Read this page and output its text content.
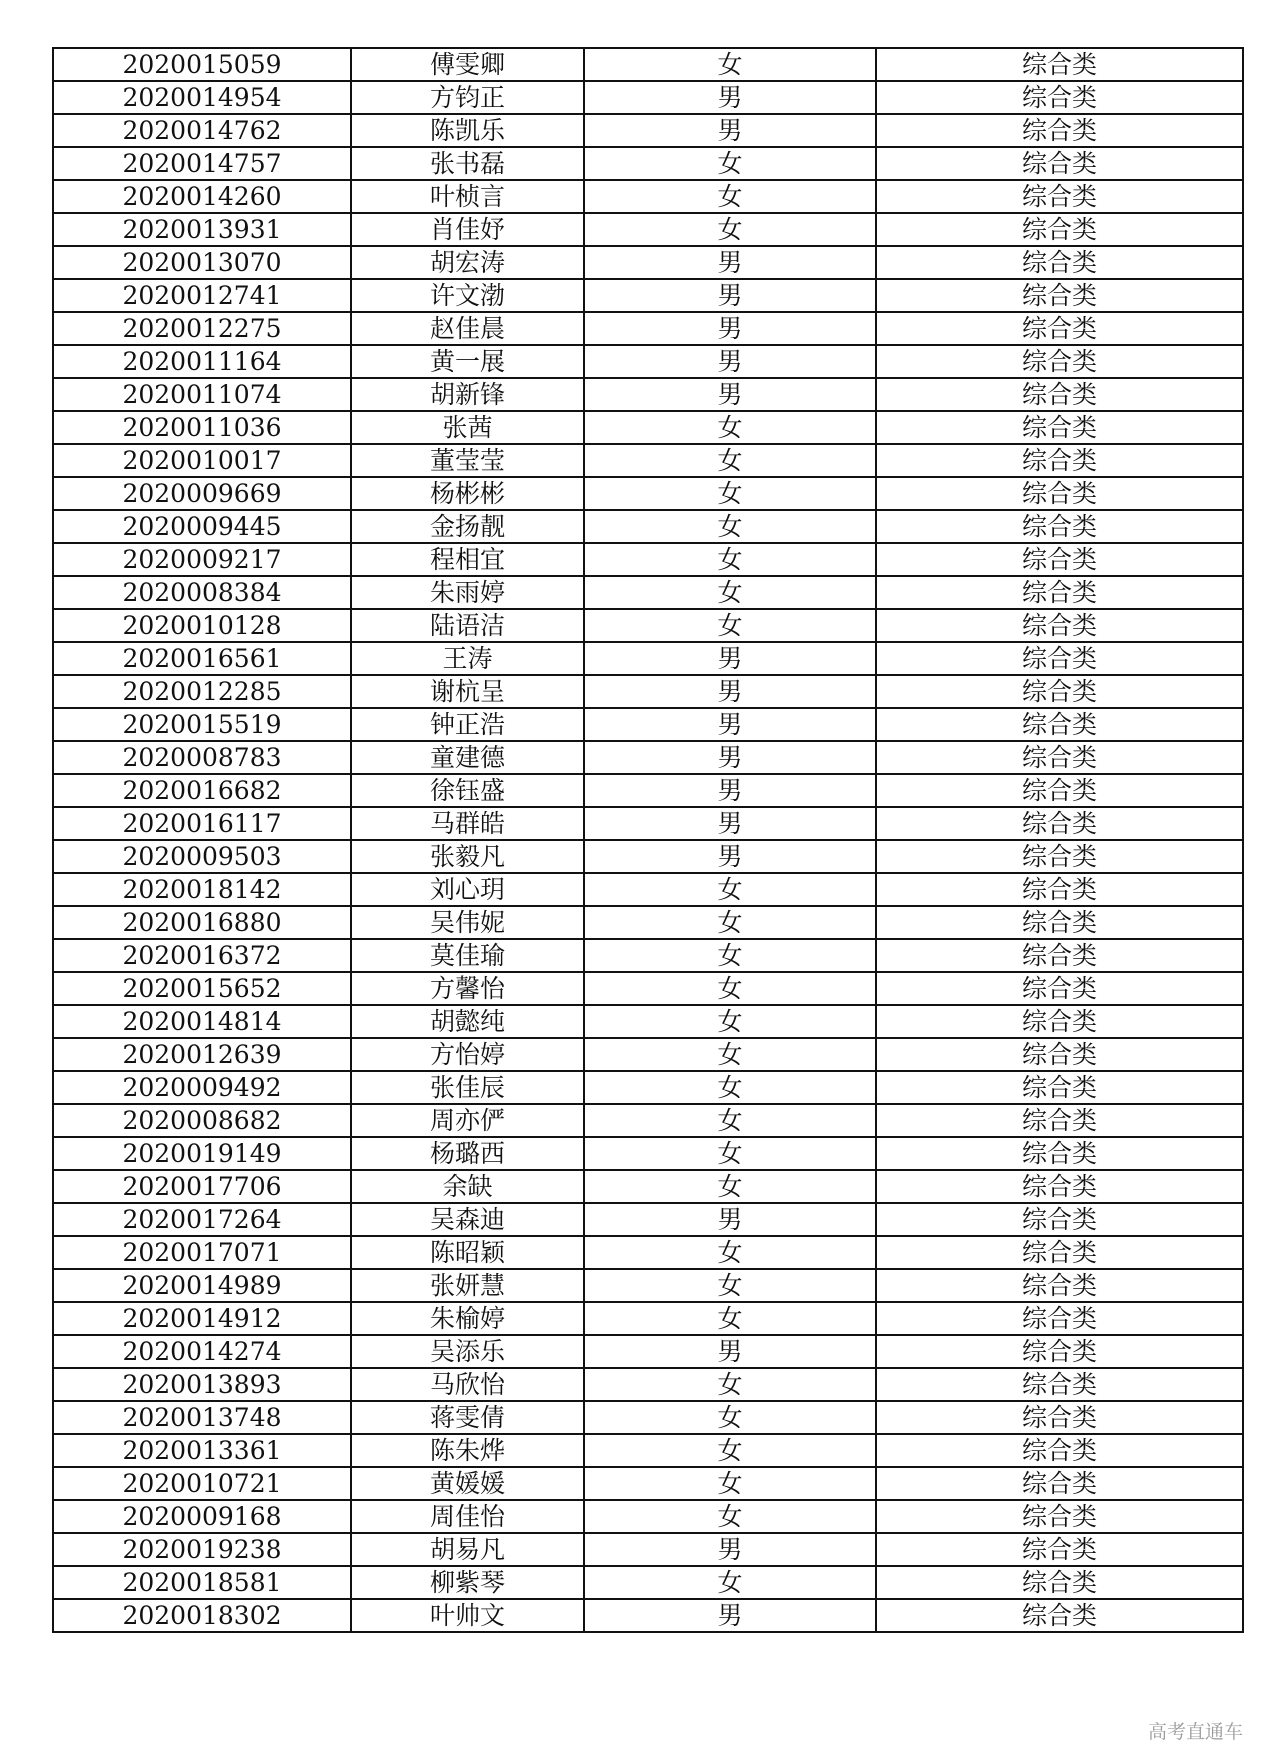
2020015059	傅雯卿	女	综合类
2020014954	方钧正	男	综合类
2020014762	陈凯乐	男	综合类
2020014757	张书磊	女	综合类
2020014260	叶桢言	女	综合类
2020013931	肖佳妤	女	综合类
2020013070	胡宏涛	男	综合类
2020012741	许文渤	男	综合类
2020012275	赵佳晨	男	综合类
2020011164	黄一展	男	综合类
2020011074	胡新锋	男	综合类
2020011036	张茜	女	综合类
2020010017	董莹莹	女	综合类
2020009669	杨彬彬	女	综合类
2020009445	金扬靓	女	综合类
2020009217	程相宜	女	综合类
2020008384	朱雨婷	女	综合类
2020010128	陆语洁	女	综合类
2020016561	王涛	男	综合类
2020012285	谢杭呈	男	综合类
2020015519	钟正浩	男	综合类
2020008783	童建德	男	综合类
2020016682	徐钰盛	男	综合类
2020016117	马群皓	男	综合类
2020009503	张毅凡	男	综合类
2020018142	刘心玥	女	综合类
2020016880	吴伟妮	女	综合类
2020016372	莫佳瑜	女	综合类
2020015652	方馨怡	女	综合类
2020014814	胡懿纯	女	综合类
2020012639	方怡婷	女	综合类
2020009492	张佳辰	女	综合类
2020008682	周亦俨	女	综合类
2020019149	杨璐西	女	综合类
2020017706	余缺	女	综合类
2020017264	吴森迪	男	综合类
2020017071	陈昭颖	女	综合类
2020014989	张妍慧	女	综合类
2020014912	朱榆婷	女	综合类
2020014274	吴添乐	男	综合类
2020013893	马欣怡	女	综合类
2020013748	蒋雯倩	女	综合类
2020013361	陈朱烨	女	综合类
2020010721	黄媛媛	女	综合类
2020009168	周佳怡	女	综合类
2020019238	胡易凡	男	综合类
2020018581	柳紫琴	女	综合类
2020018302	叶帅文	男	综合类
高考直通车
